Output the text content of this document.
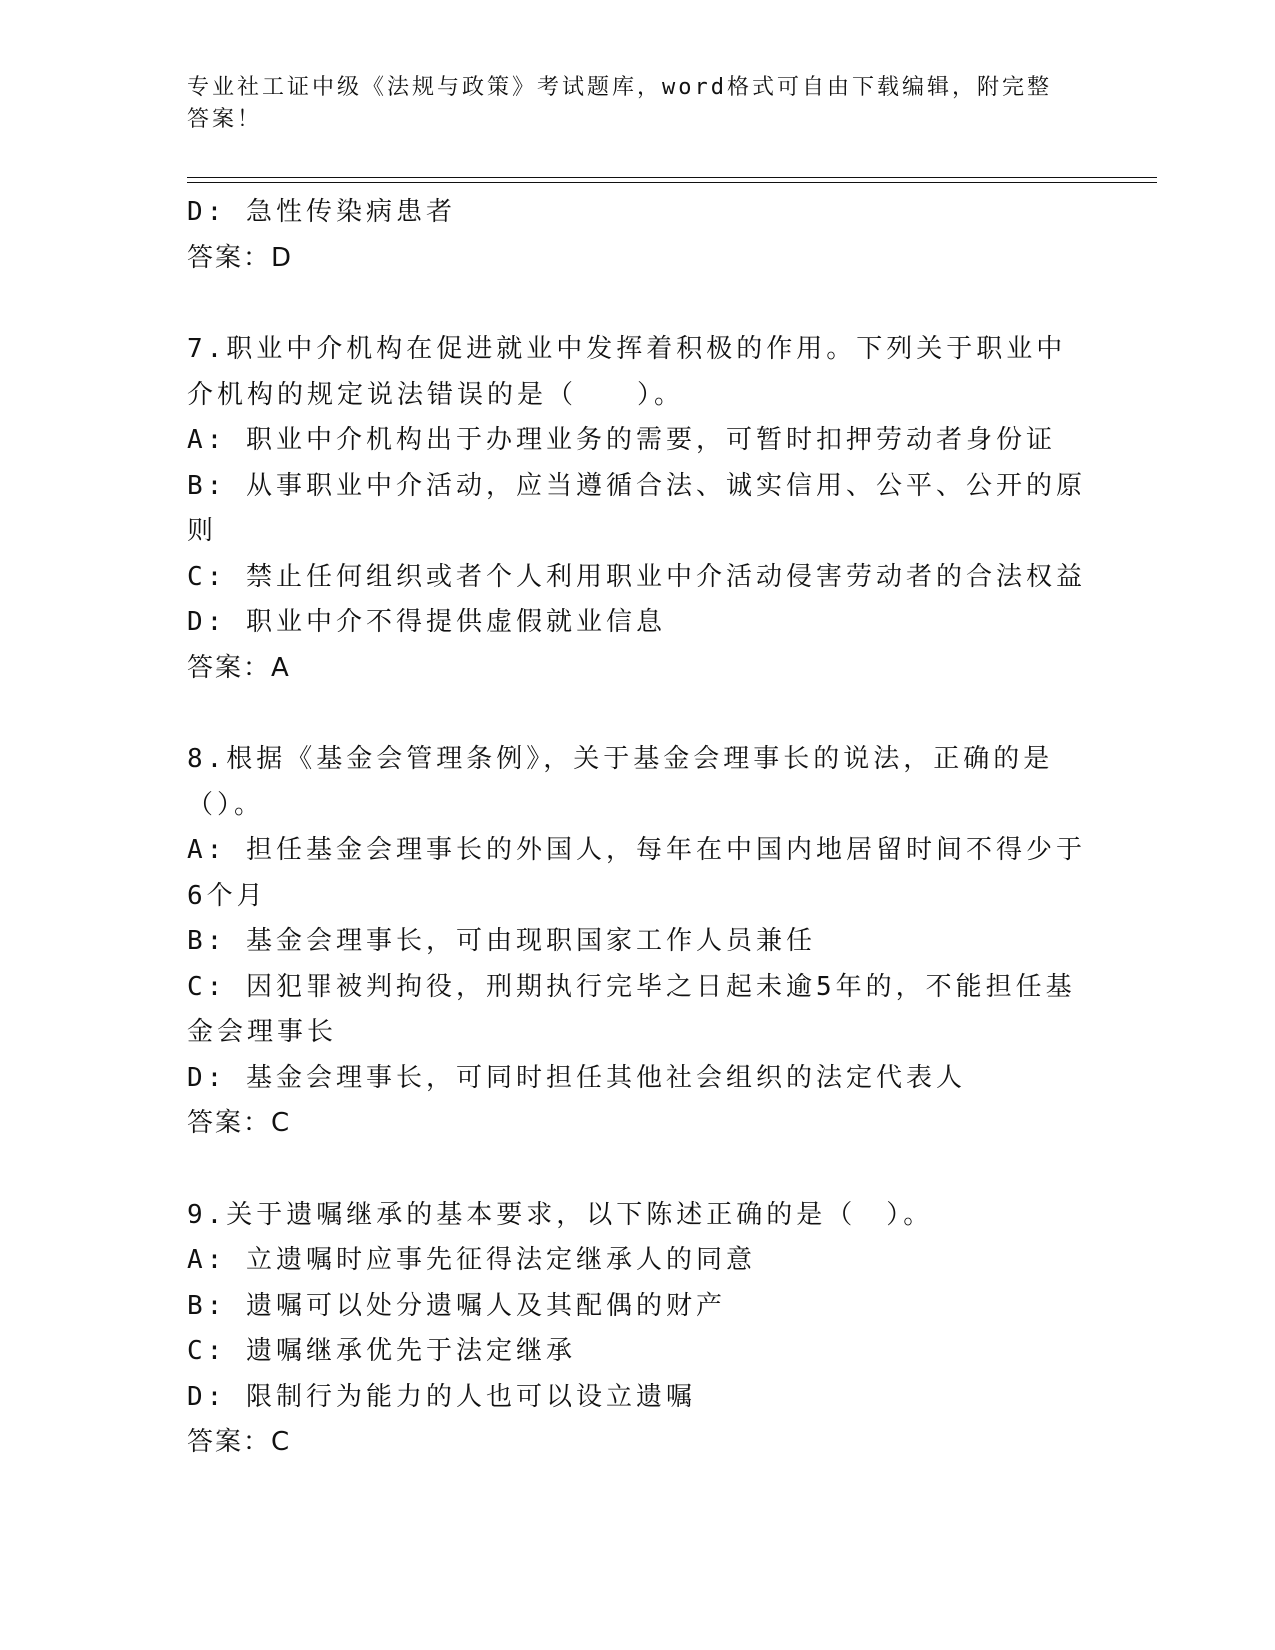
专业社工证中级《法规与政策》考试题库，word格式可自由下载编辑，附完整答案！
D: 急性传染病患者
答案：D
7.职业中介机构在促进就业中发挥着积极的作用。下列关于职业中介机构的规定说法错误的是（　　）。
A: 职业中介机构出于办理业务的需要，可暂时扣押劳动者身份证
B: 从事职业中介活动，应当遵循合法、诚实信用、公平、公开的原则
C: 禁止任何组织或者个人利用职业中介活动侵害劳动者的合法权益
D: 职业中介不得提供虚假就业信息
答案：A
8.根据《基金会管理条例》，关于基金会理事长的说法，正确的是（）。
A: 担任基金会理事长的外国人，每年在中国内地居留时间不得少于6个月
B: 基金会理事长，可由现职国家工作人员兼任
C: 因犯罪被判拘役，刑期执行完毕之日起未逾5年的，不能担任基金会理事长
D: 基金会理事长，可同时担任其他社会组织的法定代表人
答案：C
9.关于遗嘱继承的基本要求，以下陈述正确的是（　）。
A: 立遗嘱时应事先征得法定继承人的同意
B: 遗嘱可以处分遗嘱人及其配偶的财产
C: 遗嘱继承优先于法定继承
D: 限制行为能力的人也可以设立遗嘱
答案：C
